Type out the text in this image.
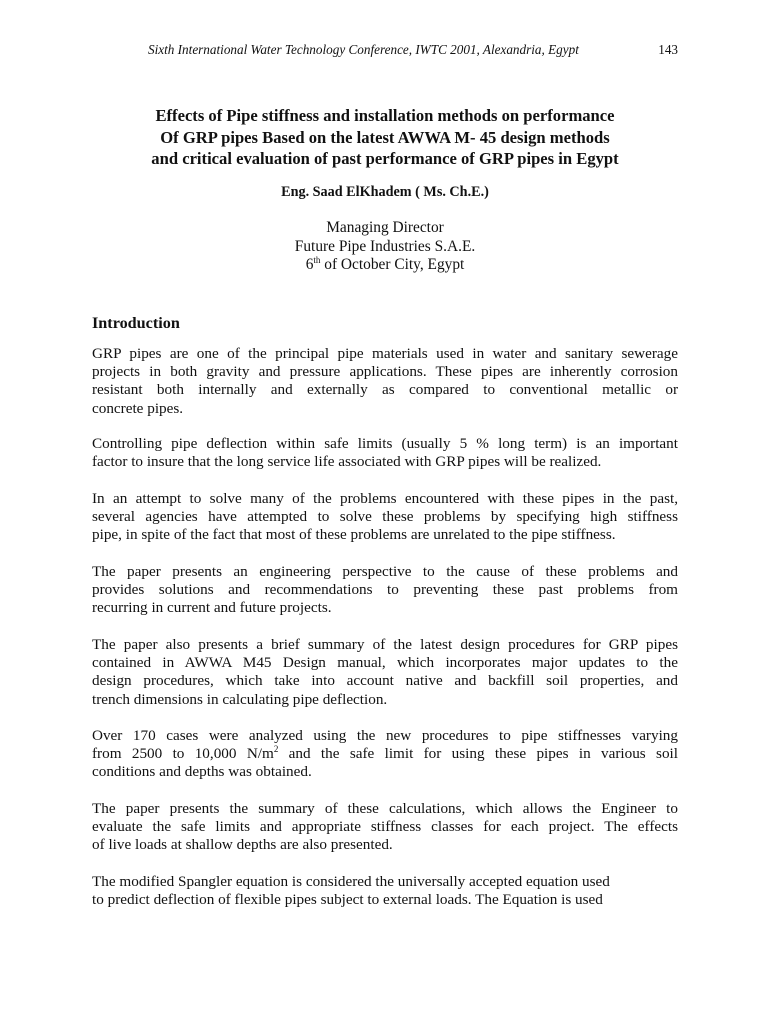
Sixth International Water Technology Conference, IWTC 2001, Alexandria, Egypt	143
Effects of Pipe stiffness and installation methods on performance
Of GRP pipes Based on the latest AWWA M- 45 design methods
and critical evaluation of past performance of GRP pipes in Egypt
Eng. Saad ElKhadem ( Ms. Ch.E.)
Managing Director
Future Pipe Industries S.A.E.
6th of October City, Egypt
Introduction
GRP pipes are one of the principal pipe materials used in water and sanitary sewerage
projects in both gravity and pressure applications. These pipes are inherently corrosion
resistant both internally and externally as compared to conventional metallic or
concrete pipes.
Controlling pipe deflection within safe limits (usually 5 % long term) is an important
factor to insure that the long service life associated with GRP pipes will be realized.
In an attempt to solve many of the problems encountered with these pipes in the past,
several agencies have attempted to solve these problems by specifying high stiffness
pipe, in spite of the fact that most of these problems are unrelated to the pipe stiffness.
The paper presents an engineering perspective to the cause of these problems and
provides solutions and recommendations to preventing these past problems from
recurring in current and future projects.
The paper also presents a brief summary of the latest design procedures for GRP pipes
contained in AWWA M45 Design manual, which incorporates major updates to the
design procedures, which take into account native and backfill soil properties, and
trench dimensions in calculating pipe deflection.
Over 170 cases were analyzed using the new procedures to pipe stiffnesses varying
from 2500 to 10,000 $N/m^2$ and the safe limit for using these pipes in various soil
conditions and depths was obtained.
The paper presents the summary of these calculations, which allows the Engineer to
evaluate the safe limits and appropriate stiffness classes for each project. The effects
of live loads at shallow depths are also presented.
The modified Spangler equation is considered the universally accepted equation used
to predict deflection of flexible pipes subject to external loads. The Equation is used
